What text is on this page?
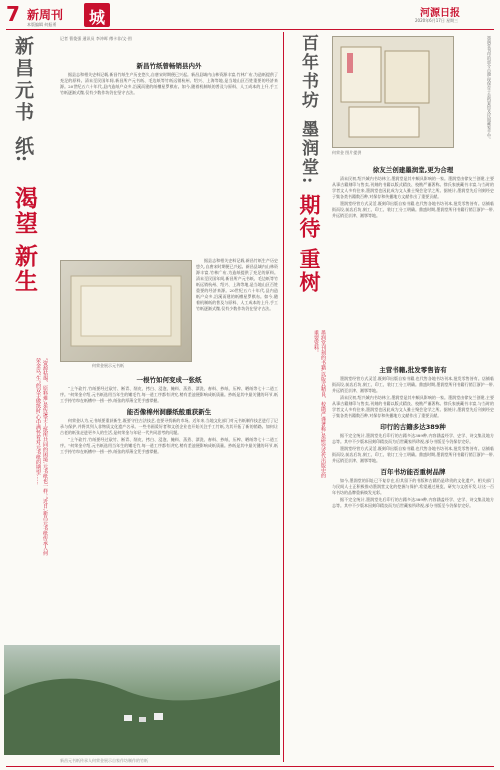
7 新周刊
本版编辑 何振勇 城	河源日报
2020年6月17日 星期三
新昌元书
纸:
渴望
新生
“资源枯竭、原料难,是传统手工纸所共同的困境,元书纸也一样。”近日,新昌元书纸传承人何荣金以“生”的双手做纸时,心中满怀着对元书纸的期望……
记者 曹俊强 通讯员 李冲晖 傅卡非/文·图
新昌竹纸曾畅销县内外

据县志和相关史料记载,新昌竹纸生产历史悠久,自唐宋时期便已兴起。新昌县域内山林资源丰富,竹林广布,为造纸提供了充足的原料。清末至民国年间,新昌所产元书纸、毛边纸等竹纸远销杭州、绍兴、上海等地,是当地山区百姓重要的经济来源。20世纪五六十年代,县内造纸户众多,沿溪而建的纸槽星罗棋布。如今,随着机制纸的普及与原料、人工成本的上升,手工竹纸逐渐式微,仅有少数作坊仍在坚守古法。

何荣金展示元书纸

据县志和相关史料记载,新昌竹纸生产历史悠久,自唐宋时期便已兴起。新昌县域内山林资源丰富,竹林广布,为造纸提供了充足的原料。清末至民国年间,新昌所产元书纸、毛边纸等竹纸远销杭州、绍兴、上海等地,是当地山区百姓重要的经济来源。20世纪五六十年代,县内造纸户众多,沿溪而建的纸槽星罗棋布。如今,随着机制纸的普及与原料、人工成本的上升,手工竹纸逐渐式微,仅有少数作坊仍在坚守古法。

一根竹如何变成一张纸

“上午砍竹,竹纸要经过砍竹、断青、削皮、拷白、浸泡、腌料、蒸煮、漂洗、舂料、抄纸、压榨、晒纸等七十二道工序。”何荣金介绍,元书纸选用当年生的嫩毛竹,每一道工序都有讲究,稍有差池便影响成纸质量。抄纸是其中最关键的环节,纸工手持竹帘在纸槽中一捞一抄,纸张的厚薄全凭手感掌握。

能否像棉州洞藤纸般重获新生

何荣金认为,元书纸要重获新生,既要守住古法技艺,也要寻找新的市场。近年来,当地文化部门对元书纸制作技艺进行了记录与保护,并将其列入非物质文化遗产名录。一些书画爱好者和文创企业也开始关注手工竹纸,为其开拓了新的销路。如何让古老的纸张走进更多人的生活,是何荣金与年轻一代共同思考的问题。

“上午砍竹,竹纸要经过砍竹、断青、削皮、拷白、浸泡、腌料、蒸煮、漂洗、舂料、抄纸、压榨、晒纸等七十二道工序。”何荣金介绍,元书纸选用当年生的嫩毛竹,每一道工序都有讲究,稍有差池便影响成纸质量。抄纸是其中最关键的环节,纸工手持竹帘在纸槽中一捞一抄,纸张的厚薄全凭手感掌握。

新昌元书纸传承人何荣金展示自家作坊制作的竹纸
百年书坊
墨润堂:
期待
重树
墨润堂刊印的部分古籍,现保存于县档案馆及民间藏家手中。
何荣金 图片提供
徐友兰创建墨润堂,更为合理

清末民初,绍兴城内书坊林立,墨润堂是其中颇具影响的一家。墨润堂由徐友兰创建,主要从事古籍刻印与售卖,刊刻的书籍以版式精良、校勘严谨著称。徐氏家族藏书丰富,与当时的学者文人多有往来,墨润堂也因此成为文人雅士聚会论学之所。据统计,墨润堂先后刊刻经史子集各类书籍数百种,对保存和传播地方文献作出了重要贡献。

墨润堂经营方式灵活,既刻印出版自家书籍,也代售各地书坊刊本,批发零售皆有。店铺临街而设,前店后坊,刻工、印工、装订工分工明确。鼎盛时期,墨润堂所刊书籍行销江浙沪一带,并远销至京津、湘鄂等地。

墨润堂刊刻的书籍,以版式精良、校勘严谨著称,是研究近代出版史的重要资料。
主营书籍,批发零售皆有

墨润堂经营方式灵活,既刻印出版自家书籍,也代售各地书坊刊本,批发零售皆有。店铺临街而设,前店后坊,刻工、印工、装订工分工明确。鼎盛时期,墨润堂所刊书籍行销江浙沪一带,并远销至京津、湘鄂等地。

清末民初,绍兴城内书坊林立,墨润堂是其中颇具影响的一家。墨润堂由徐友兰创建,主要从事古籍刻印与售卖,刊刻的书籍以版式精良、校勘严谨著称。徐氏家族藏书丰富,与当时的学者文人多有往来,墨润堂也因此成为文人雅士聚会论学之所。据统计,墨润堂先后刊刻经史子集各类书籍数百种,对保存和传播地方文献作出了重要贡献。

印行的古籍多达389种

据不完全统计,墨润堂先后印行的古籍多达389种,内容涵盖经学、史学、诗文集及地方志等。其中不少版本因刻印精良而为后世藏家所珍视,部分书版至今仍保存完好。

墨润堂经营方式灵活,既刻印出版自家书籍,也代售各地书坊刊本,批发零售皆有。店铺临街而设,前店后坊,刻工、印工、装订工分工明确。鼎盛时期,墨润堂所刊书籍行销江浙沪一带,并远销至京津、湘鄂等地。

百年书坊能否重树品牌

如今,墨润堂的旧址已不复存在,但其留下的书版和古籍仍是珍贵的文化遗产。相关部门与民间人士正积极推动墨润堂文化的挖掘与保护,希望通过展览、研究与文创开发,让这一百年书坊的品牌重新焕发光彩。

据不完全统计,墨润堂先后印行的古籍多达389种,内容涵盖经学、史学、诗文集及地方志等。其中不少版本因刻印精良而为后世藏家所珍视,部分书版至今仍保存完好。
